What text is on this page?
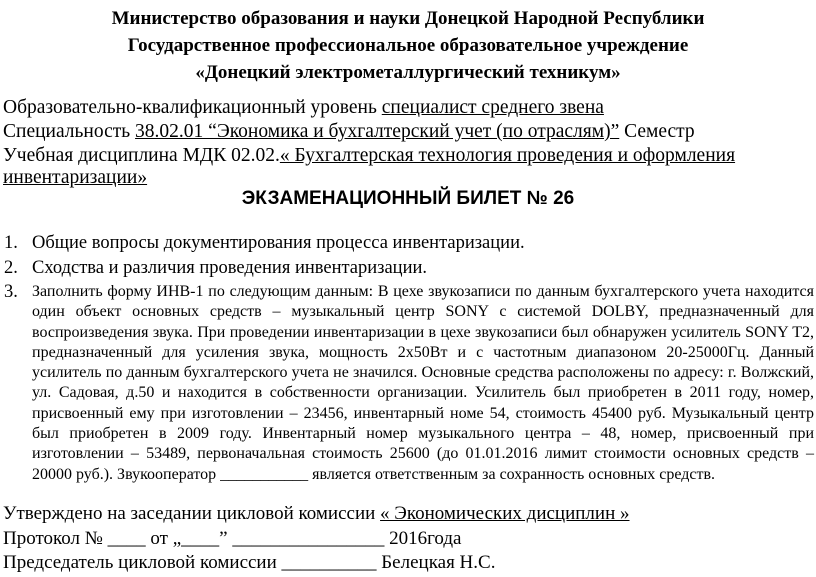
Министерство образования и науки Донецкой Народной Республики
Государственное профессиональное образовательное учреждение
«Донецкий электрометаллургический техникум»
Образовательно-квалификационный уровень специалист среднего звена
Специальность 38.02.01 “Экономика и бухгалтерский учет (по отраслям)” Семестр
Учебная дисциплина МДК 02.02.« Бухгалтерская технология проведения и оформления
инвентаризации»
ЭКЗАМЕНАЦИОННЫЙ БИЛЕТ № 26
1. Общие вопросы документирования процесса инвентаризации.
2. Сходства и различия проведения инвентаризации.
3. Заполнить форму ИНВ-1 по следующим данным: В цехе звукозаписи по данным бухгалтерского учета находится один объект основных средств – музыкальный центр SONY с системой DOLBY, предназначенный для воспроизведения звука. При проведении инвентаризации в цехе звукозаписи был обнаружен усилитель SONY T2, предназначенный для усиления звука, мощность 2х50Вт и с частотным диапазоном 20-25000Гц. Данный усилитель по данным бухгалтерского учета не значился. Основные средства расположены по адресу: г. Волжский, ул. Садовая, д.50 и находится в собственности организации. Усилитель был приобретен в 2011 году, номер, присвоенный ему при изготовлении – 23456, инвентарный номе 54, стоимость 45400 руб. Музыкальный центр был приобретен в 2009 году. Инвентарный номер музыкального центра – 48, номер, присвоенный при изготовлении – 53489, первоначальная стоимость 25600 (до 01.01.2016 лимит стоимости основных средств – 20000 руб.). Звукооператор ___________ является ответственным за сохранность основных средств.
Утверждено на заседании цикловой комиссии « Экономических дисциплин »
Протокол № ____ от „____” ________________ 2016года
Председатель цикловой комиссии __________ Белецкая Н.С.
